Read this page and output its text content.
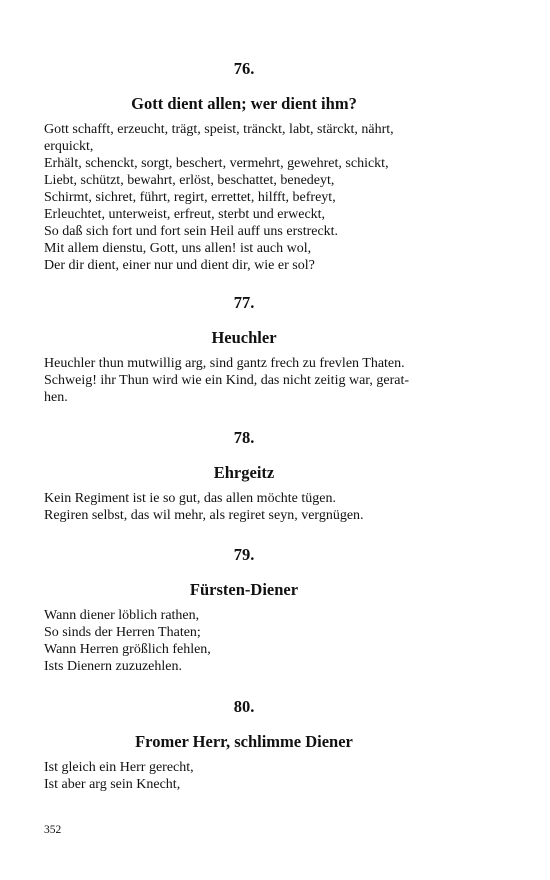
76.

Gott dient allen; wer dient ihm?
Gott schafft, erzeucht, trägt, speist, tränckt, labt, stärckt, nährt,
erquickt,
Erhält, schenckt, sorgt, beschert, vermehrt, gewehret, schickt,
Liebt, schützt, bewahrt, erlöst, beschattet, benedeyt,
Schirmt, sichret, führt, regirt, errettet, hilfft, befreyt,
Erleuchtet, unterweist, erfreut, sterbt und erweckt,
So daß sich fort und fort sein Heil auff uns erstreckt.
Mit allem dienstu, Gott, uns allen! ist auch wol,
Der dir dient, einer nur und dient dir, wie er sol?

77.

Heuchler
Heuchler thun mutwillig arg, sind gantz frech zu frevlen Thaten.
Schweig! ihr Thun wird wie ein Kind, das nicht zeitig war, gerat-
hen.

78.

Ehrgeitz
Kein Regiment ist ie so gut, das allen möchte tügen.
Regiren selbst, das wil mehr, als regiret seyn, vergnügen.

79.

Fürsten-Diener
Wann diener löblich rathen,
So sinds der Herren Thaten;
Wann Herren größlich fehlen,
Ists Dienern zuzuzehlen.

80.

Fromer Herr, schlimme Diener
Ist gleich ein Herr gerecht,
Ist aber arg sein Knecht,
352
